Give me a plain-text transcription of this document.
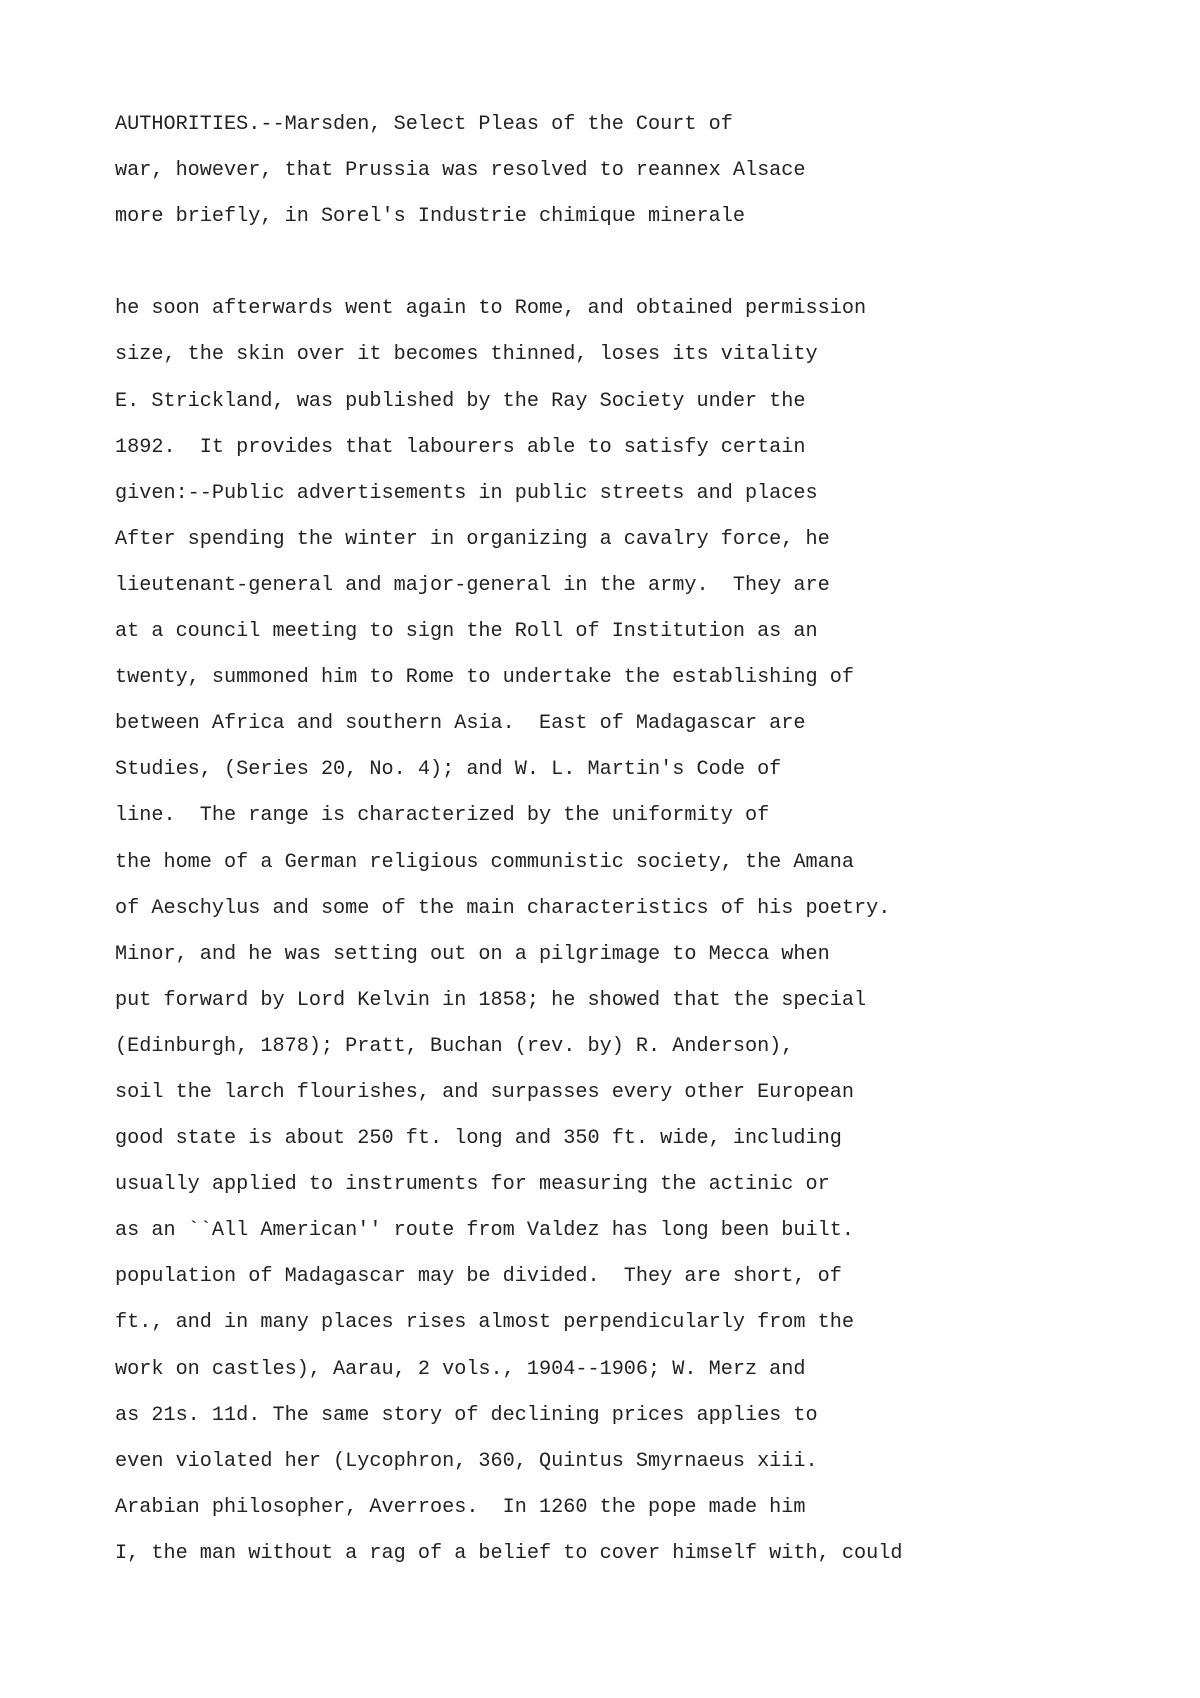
AUTHORITIES.--Marsden, Select Pleas of the Court of
war, however, that Prussia was resolved to reannex Alsace
more briefly, in Sorel's Industrie chimique minerale
he soon afterwards went again to Rome, and obtained permission
size, the skin over it becomes thinned, loses its vitality
E. Strickland, was published by the Ray Society under the
1892.  It provides that labourers able to satisfy certain
given:--Public advertisements in public streets and places
After spending the winter in organizing a cavalry force, he
lieutenant-general and major-general in the army.  They are
at a council meeting to sign the Roll of Institution as an
twenty, summoned him to Rome to undertake the establishing of
between Africa and southern Asia.  East of Madagascar are
Studies, (Series 20, No. 4); and W. L. Martin's Code of
line.  The range is characterized by the uniformity of
the home of a German religious communistic society, the Amana
of Aeschylus and some of the main characteristics of his poetry.
Minor, and he was setting out on a pilgrimage to Mecca when
put forward by Lord Kelvin in 1858; he showed that the special
(Edinburgh, 1878); Pratt, Buchan (rev. by) R. Anderson),
soil the larch flourishes, and surpasses every other European
good state is about 250 ft. long and 350 ft. wide, including
usually applied to instruments for measuring the actinic or
as an ``All American'' route from Valdez has long been built.
population of Madagascar may be divided.  They are short, of
ft., and in many places rises almost perpendicularly from the
work on castles), Aarau, 2 vols., 1904--1906; W. Merz and
as 21s. 11d. The same story of declining prices applies to
even violated her (Lycophron, 360, Quintus Smyrnaeus xiii.
Arabian philosopher, Averroes.  In 1260 the pope made him
I, the man without a rag of a belief to cover himself with, could
